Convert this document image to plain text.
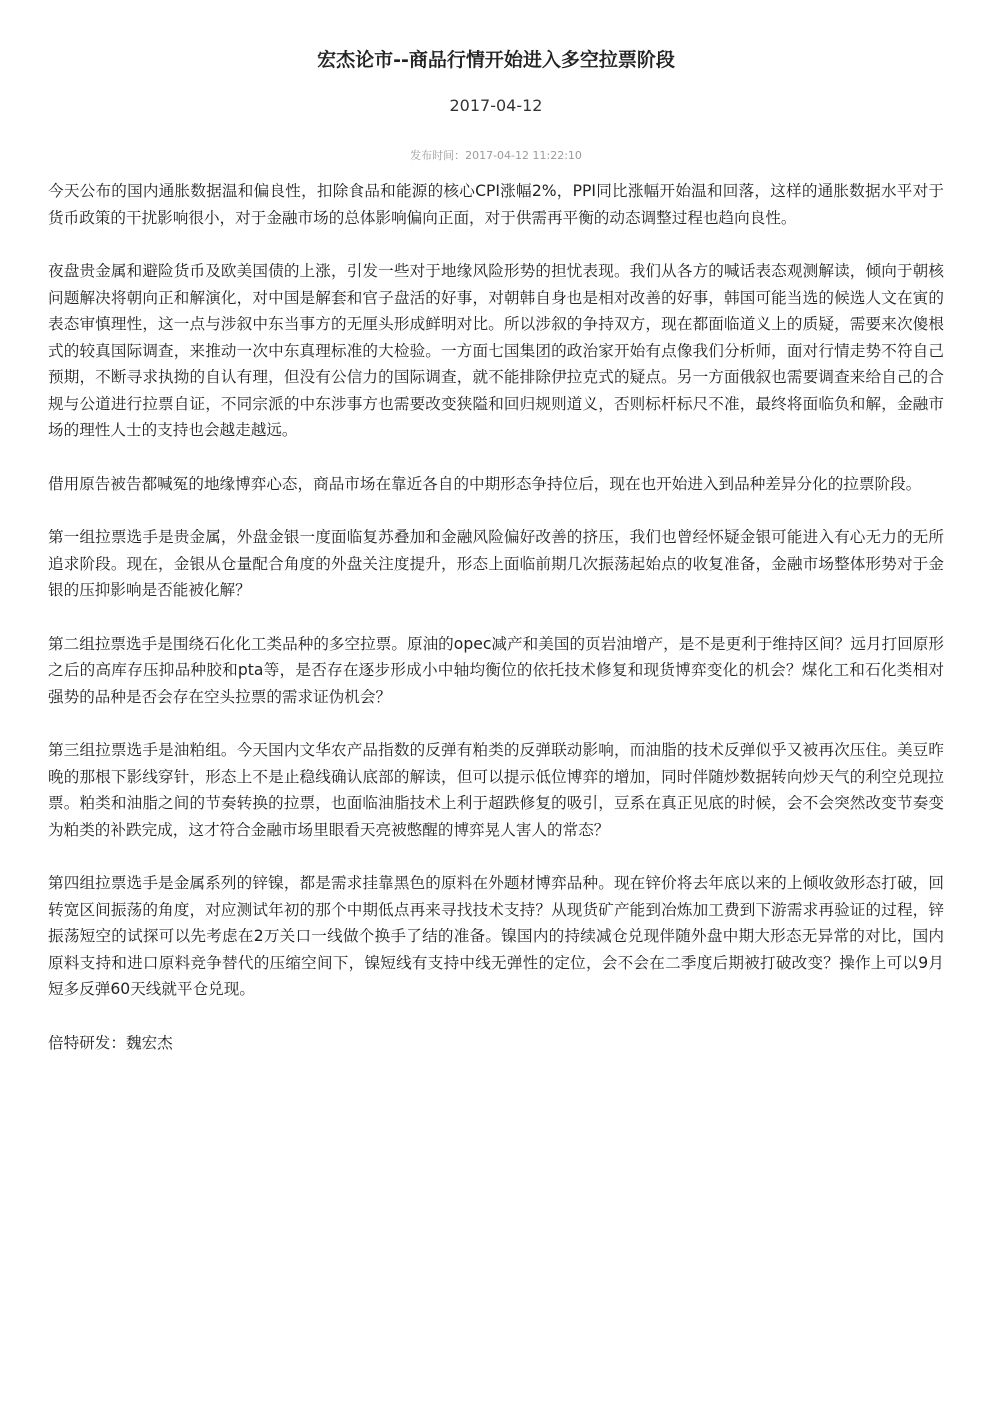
宏杰论市--商品行情开始进入多空拉票阶段
2017-04-12
发布时间：2017-04-12 11:22:10

今天公布的国内通胀数据温和偏良性，扣除食品和能源的核心CPI涨幅2%，PPI同比涨幅开始温和回落，这样的通胀数据水平对于货币政策的干扰影响很小，对于金融市场的总体影响偏向正面，对于供需再平衡的动态调整过程也趋向良性。

夜盘贵金属和避险货币及欧美国债的上涨，引发一些对于地缘风险形势的担忧表现。我们从各方的喊话表态观测解读，倾向于朝核问题解决将朝向正和解演化，对中国是解套和官子盘活的好事，对朝韩自身也是相对改善的好事，韩国可能当选的候选人文在寅的表态审慎理性，这一点与涉叙中东当事方的无厘头形成鲜明对比。所以涉叙的争持双方，现在都面临道义上的质疑，需要来次傻根式的较真国际调查，来推动一次中东真理标准的大检验。一方面七国集团的政治家开始有点像我们分析师，面对行情走势不符自己预期，不断寻求执拗的自认有理，但没有公信力的国际调查，就不能排除伊拉克式的疑点。另一方面俄叙也需要调查来给自己的合规与公道进行拉票自证，不同宗派的中东涉事方也需要改变狭隘和回归规则道义，否则标杆标尺不准，最终将面临负和解，金融市场的理性人士的支持也会越走越远。

借用原告被告都喊冤的地缘博弈心态，商品市场在靠近各自的中期形态争持位后，现在也开始进入到品种差异分化的拉票阶段。

第一组拉票选手是贵金属，外盘金银一度面临复苏叠加和金融风险偏好改善的挤压，我们也曾经怀疑金银可能进入有心无力的无所追求阶段。现在，金银从仓量配合角度的外盘关注度提升，形态上面临前期几次振荡起始点的收复准备，金融市场整体形势对于金银的压抑影响是否能被化解？

第二组拉票选手是围绕石化化工类品种的多空拉票。原油的opec减产和美国的页岩油增产，是不是更利于维持区间？远月打回原形之后的高库存压抑品种胶和pta等，是否存在逐步形成小中轴均衡位的依托技术修复和现货博弈变化的机会？煤化工和石化类相对强势的品种是否会存在空头拉票的需求证伪机会？

第三组拉票选手是油粕组。今天国内文华农产品指数的反弹有粕类的反弹联动影响，而油脂的技术反弹似乎又被再次压住。美豆昨晚的那根下影线穿针，形态上不是止稳线确认底部的解读，但可以提示低位博弈的增加，同时伴随炒数据转向炒天气的利空兑现拉票。粕类和油脂之间的节奏转换的拉票，也面临油脂技术上利于超跌修复的吸引，豆系在真正见底的时候，会不会突然改变节奏变为粕类的补跌完成，这才符合金融市场里眼看天亮被憋醒的博弈晃人害人的常态？

第四组拉票选手是金属系列的锌镍，都是需求挂靠黑色的原料在外题材博弈品种。现在锌价将去年底以来的上倾收敛形态打破，回转宽区间振荡的角度，对应测试年初的那个中期低点再来寻找技术支持？从现货矿产能到冶炼加工费到下游需求再验证的过程，锌振荡短空的试探可以先考虑在2万关口一线做个换手了结的准备。镍国内的持续减仓兑现伴随外盘中期大形态无异常的对比，国内原料支持和进口原料竞争替代的压缩空间下，镍短线有支持中线无弹性的定位，会不会在二季度后期被打破改变？操作上可以9月短多反弹60天线就平仓兑现。

倍特研发：魏宏杰
